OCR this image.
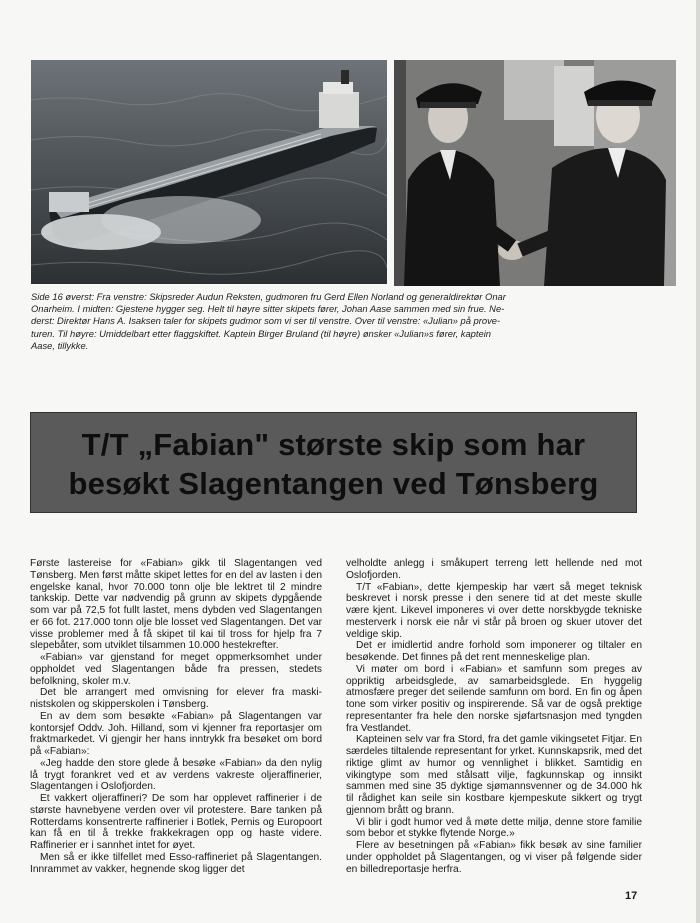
Side 16 øverst: Fra venstre: Skipsreder Audun Reksten, gudmoren fru Gerd Ellen Norland og generaldirektør Onar

Onarheim. I midten: Gjestene hygger seg. Helt til høyre sitter skipets fører, Johan Aase sammen med sin frue. Ne-

derst: Direktør Hans A. Isaksen taler for skipets gudmor som vi ser til venstre. Over til venstre: «Julian» på prove-

turen. Til høyre: Umiddelbart etter flaggskiftet. Kaptein Birger Bruland (til høyre) ønsker «Julian»s fører, kaptein

Aase, tillykke.

T/T „Fabian" største skip som har
besøkt Slagentangen ved Tønsberg

Første lastereise for «Fabian» gikk til Slagentangen ved Tønsberg. Men først måtte skipet lettes for en del av lasten i den engelske kanal, hvor 70.000 tonn olje ble lektret til 2 mindre tankskip. Dette var nødvendig på grunn av skipets dypgående som var på 72,5 fot fullt lastet, mens dybden ved Slagentangen er 66 fot. 217.000 tonn olje ble losset ved Slagentangen. Det var visse problemer med å få skipet til kai til tross for hjelp fra 7 slepebåter, som utviklet tilsammen 10.000 hestekrefter.

«Fabian» var gjenstand for meget oppmerksomhet under oppholdet ved Slagentangen både fra pressen, stedets befolkning, skoler m.v.

Det ble arrangert med omvisning for elever fra maskinistskolen og skipperskolen i Tønsberg.

En av dem som besøkte «Fabian» på Slagentangen var kontorsjef Oddv. Joh. Hilland, som vi kjenner fra reportasjer om fraktmarkedet. Vi gjengir her hans inntrykk fra besøket om bord på «Fabian»:

«Jeg hadde den store glede å besøke «Fabian» da den nylig lå trygt forankret ved et av verdens vakreste oljeraffinerier, Slagentangen i Oslofjorden.

Et vakkert oljeraffineri? De som har opplevet raffinerier i de største havnebyene verden over vil protestere. Bare tanken på Rotterdams konsentrerte raffinerier i Botlek, Pernis og Europoort kan få en til å trekke frakkekragen opp og haste videre. Raffinerier er i sannhet intet for øyet.

Men så er ikke tilfellet med Esso-raffineriet på Slagentangen. Innrammet av vakker, hegnende skog ligger det

velholdte anlegg i småkupert terreng lett hellende ned mot Oslofjorden.

T/T «Fabian», dette kjempeskip har vært så meget teknisk beskrevet i norsk presse i den senere tid at det meste skulle være kjent. Likevel imponeres vi over dette norskbygde tekniske mesterverk i norsk eie når vi står på broen og skuer utover det veldige skip.

Det er imidlertid andre forhold som imponerer og tiltaler en besøkende. Det finnes på det rent menneskelige plan.

Vi møter om bord i «Fabian» et samfunn som preges av oppriktig arbeidsglede, av samarbeidsglede. En hyggelig atmosfære preger det seilende samfunn om bord. En fin og åpen tone som virker positiv og inspirerende. Så var de også prektige representanter fra hele den norske sjøfartsnasjon med tyngden fra Vestlandet.

Kapteinen selv var fra Stord, fra det gamle vikingsetet Fitjar. En særdeles tiltalende representant for yrket. Kunnskapsrik, med det riktige glimt av humor og vennlighet i blikket. Samtidig en vikingtype som med stålsatt vilje, fagkunnskap og innsikt sammen med sine 35 dyktige sjømannsvenner og de 34.000 hk til rådighet kan seile sin kostbare kjempeskute sikkert og trygt gjennom brått og brann.

Vi blir i godt humor ved å møte dette miljø, denne store familie som bebor et stykke flytende Norge.»

Flere av besetningen på «Fabian» fikk besøk av sine familier under oppholdet på Slagentangen, og vi viser på følgende sider en billedreportasje herfra.

17
